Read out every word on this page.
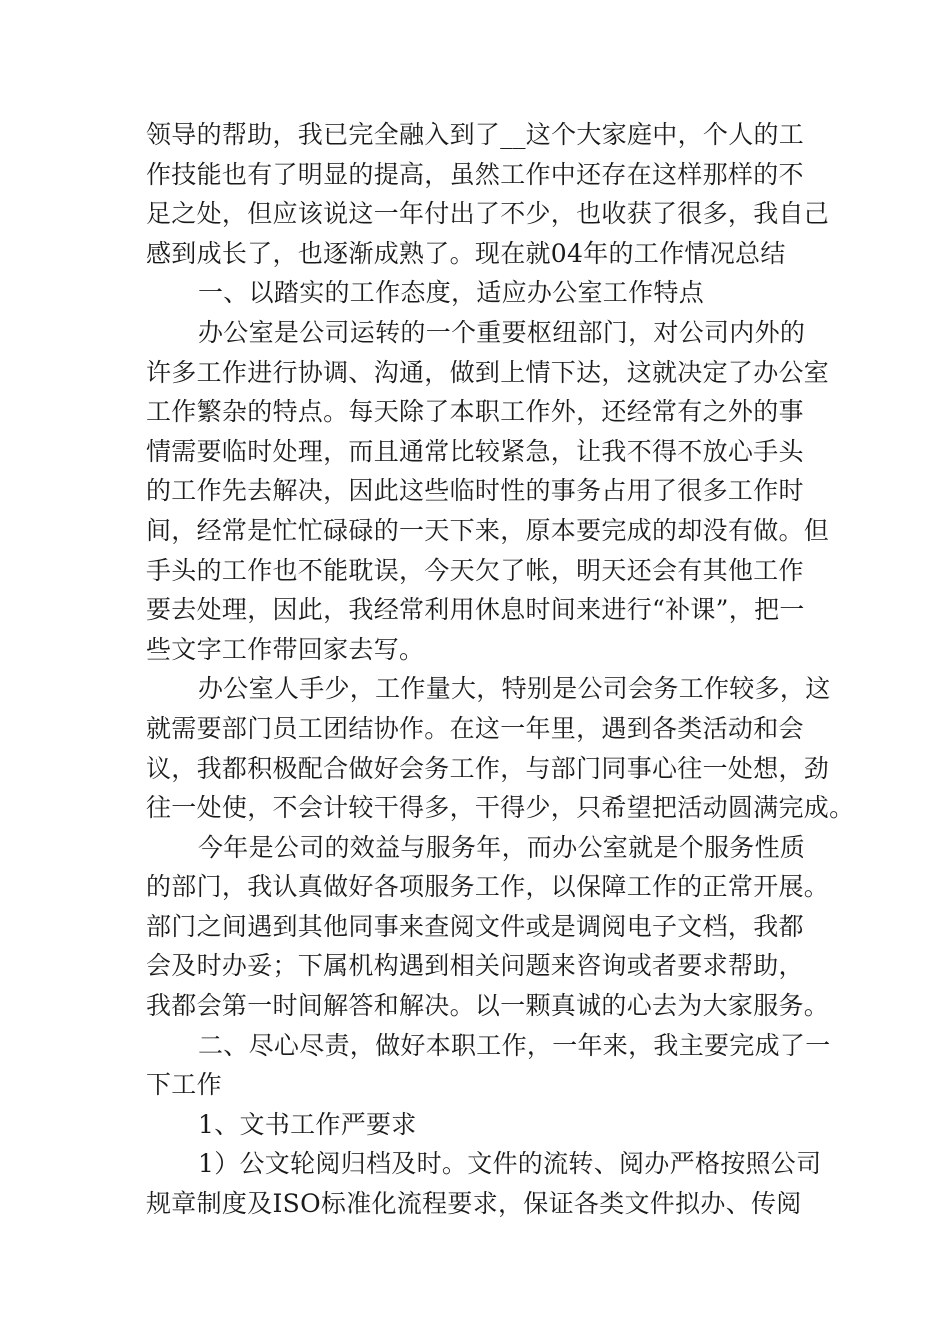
领导的帮助，我已完全融入到了__这个大家庭中，个人的工
作技能也有了明显的提高，虽然工作中还存在这样那样的不
足之处，但应该说这一年付出了不少，也收获了很多，我自己
感到成长了，也逐渐成熟了。现在就04年的工作情况总结
一、以踏实的工作态度，适应办公室工作特点
办公室是公司运转的一个重要枢纽部门，对公司内外的
许多工作进行协调、沟通，做到上情下达，这就决定了办公室
工作繁杂的特点。每天除了本职工作外，还经常有之外的事
情需要临时处理，而且通常比较紧急，让我不得不放心手头
的工作先去解决，因此这些临时性的事务占用了很多工作时
间，经常是忙忙碌碌的一天下来，原本要完成的却没有做。但
手头的工作也不能耽误，今天欠了帐，明天还会有其他工作
要去处理，因此，我经常利用休息时间来进行“补课”，把一
些文字工作带回家去写。
办公室人手少，工作量大，特别是公司会务工作较多，这
就需要部门员工团结协作。在这一年里，遇到各类活动和会
议，我都积极配合做好会务工作，与部门同事心往一处想，劲
往一处使，不会计较干得多，干得少，只希望把活动圆满完成。
今年是公司的效益与服务年，而办公室就是个服务性质
的部门，我认真做好各项服务工作，以保障工作的正常开展。
部门之间遇到其他同事来查阅文件或是调阅电子文档，我都
会及时办妥；下属机构遇到相关问题来咨询或者要求帮助，
我都会第一时间解答和解决。以一颗真诚的心去为大家服务。
二、尽心尽责，做好本职工作，一年来，我主要完成了一
下工作
1、文书工作严要求
1）公文轮阅归档及时。文件的流转、阅办严格按照公司
规章制度及ISO标准化流程要求，保证各类文件拟办、传阅
